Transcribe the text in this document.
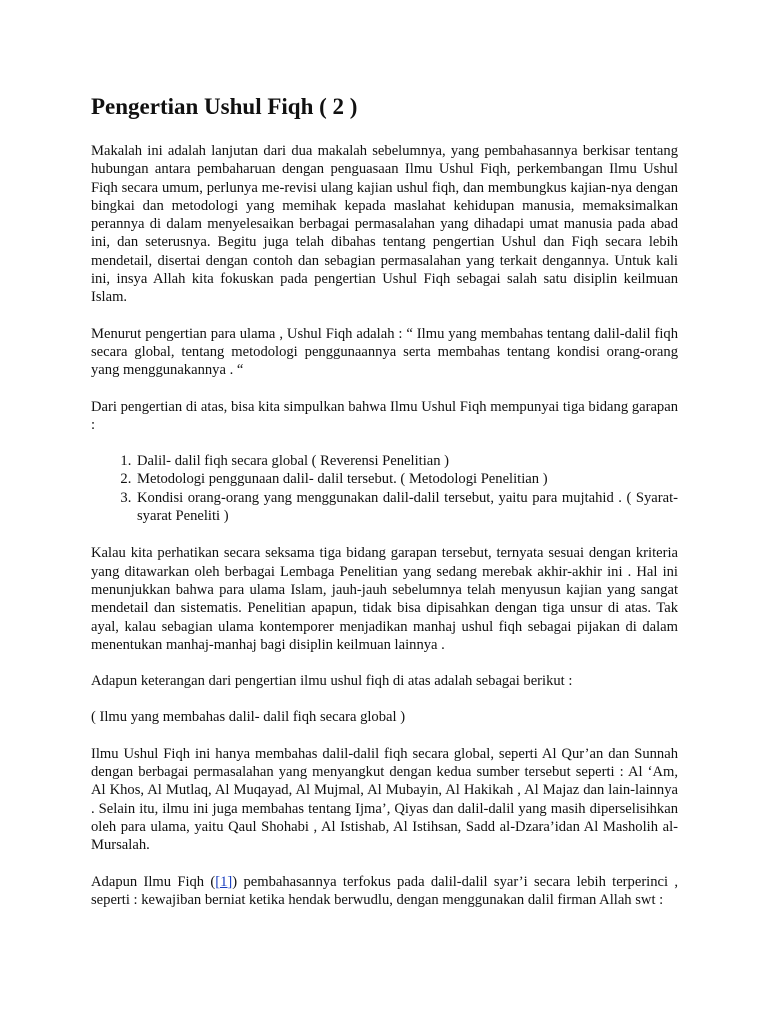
Pengertian Ushul Fiqh ( 2 )

Makalah ini adalah lanjutan dari dua makalah sebelumnya, yang pembahasannya berkisar tentang hubungan antara pembaharuan dengan penguasaan Ilmu Ushul Fiqh, perkembangan Ilmu Ushul Fiqh secara umum, perlunya me-revisi ulang kajian ushul fiqh, dan membungkus kajian-nya dengan bingkai dan metodologi yang memihak kepada maslahat kehidupan manusia, memaksimalkan perannya di dalam menyelesaikan berbagai permasalahan yang dihadapi umat manusia pada abad ini, dan seterusnya. Begitu juga telah dibahas tentang pengertian Ushul dan Fiqh secara lebih mendetail, disertai dengan contoh dan sebagian permasalahan yang terkait dengannya. Untuk kali ini, insya Allah kita fokuskan pada pengertian Ushul Fiqh sebagai salah satu disiplin keilmuan Islam.

Menurut pengertian para ulama , Ushul Fiqh adalah : “ Ilmu yang membahas tentang dalil-dalil fiqh secara global, tentang metodologi penggunaannya serta membahas tentang kondisi orang-orang yang menggunakannya . “

Dari pengertian di atas, bisa kita simpulkan bahwa Ilmu Ushul Fiqh mempunyai tiga bidang garapan :

1. Dalil- dalil fiqh secara global ( Reverensi Penelitian )
2. Metodologi penggunaan dalil- dalil tersebut. ( Metodologi Penelitian )
3. Kondisi orang-orang yang menggunakan dalil-dalil tersebut, yaitu para mujtahid . ( Syarat-syarat Peneliti )

Kalau kita perhatikan secara seksama tiga bidang garapan tersebut, ternyata sesuai dengan kriteria yang ditawarkan oleh berbagai Lembaga Penelitian yang sedang merebak akhir-akhir ini . Hal ini menunjukkan bahwa para ulama Islam, jauh-jauh sebelumnya telah menyusun kajian yang sangat mendetail dan sistematis. Penelitian apapun, tidak bisa dipisahkan dengan tiga unsur di atas. Tak ayal, kalau sebagian ulama kontemporer menjadikan manhaj ushul fiqh sebagai pijakan di dalam menentukan manhaj-manhaj bagi disiplin keilmuan lainnya .

Adapun keterangan dari pengertian ilmu ushul fiqh di atas adalah sebagai berikut :

( Ilmu yang membahas dalil- dalil fiqh secara global )

Ilmu Ushul Fiqh ini hanya membahas dalil-dalil fiqh secara global, seperti Al Qur’an dan Sunnah dengan berbagai permasalahan yang menyangkut dengan kedua sumber tersebut seperti : Al ‘Am, Al Khos, Al Mutlaq, Al Muqayad, Al Mujmal, Al Mubayin, Al Hakikah , Al Majaz dan lain-lainnya . Selain itu, ilmu ini juga membahas tentang Ijma’, Qiyas dan dalil-dalil yang masih diperselisihkan oleh para ulama, yaitu Qaul Shohabi , Al Istishab, Al Istihsan, Sadd al-Dzara’idan Al Masholih al-Mursalah.

Adapun Ilmu Fiqh ([1]) pembahasannya terfokus pada dalil-dalil syar’i secara lebih terperinci , seperti : kewajiban berniat ketika hendak berwudlu, dengan menggunakan dalil firman Allah swt :
